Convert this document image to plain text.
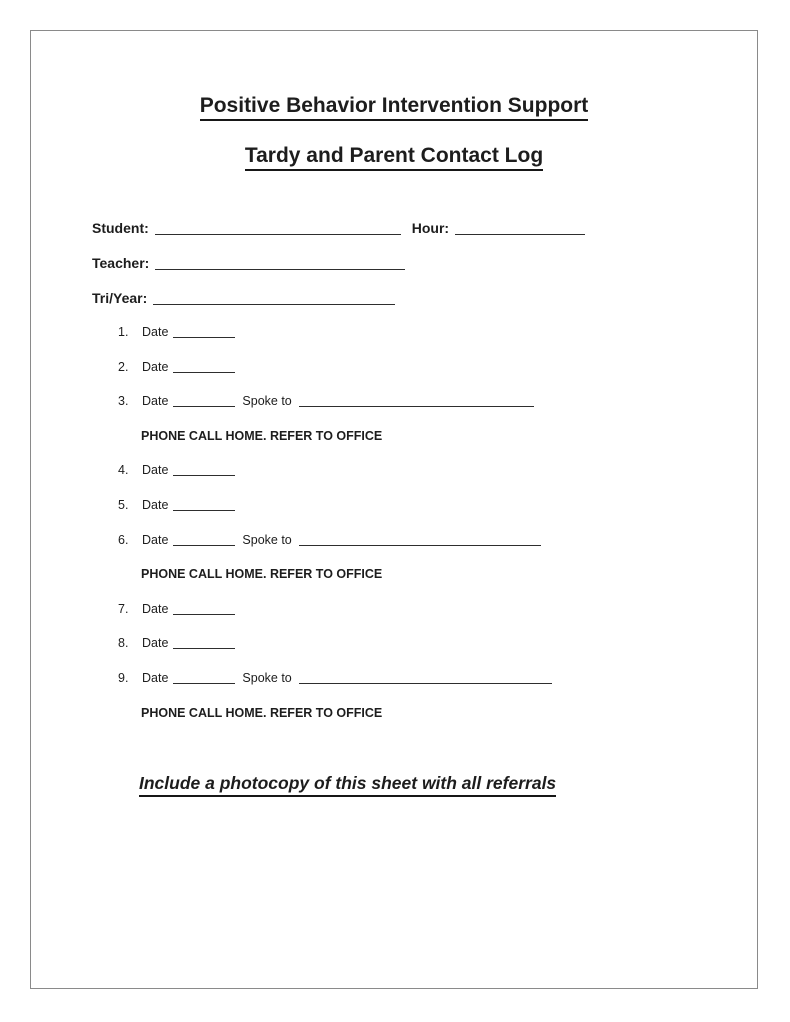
Positive Behavior Intervention Support
Tardy and Parent Contact Log
Student:	Hour:
Teacher:
Tri/Year:
1. Date
2. Date
3. Date	Spoke to
PHONE CALL HOME. REFER TO OFFICE
4. Date
5. Date
6. Date	Spoke to
PHONE CALL HOME. REFER TO OFFICE
7. Date
8. Date
9. Date	Spoke to
PHONE CALL HOME. REFER TO OFFICE
Include a photocopy of this sheet with all referrals
